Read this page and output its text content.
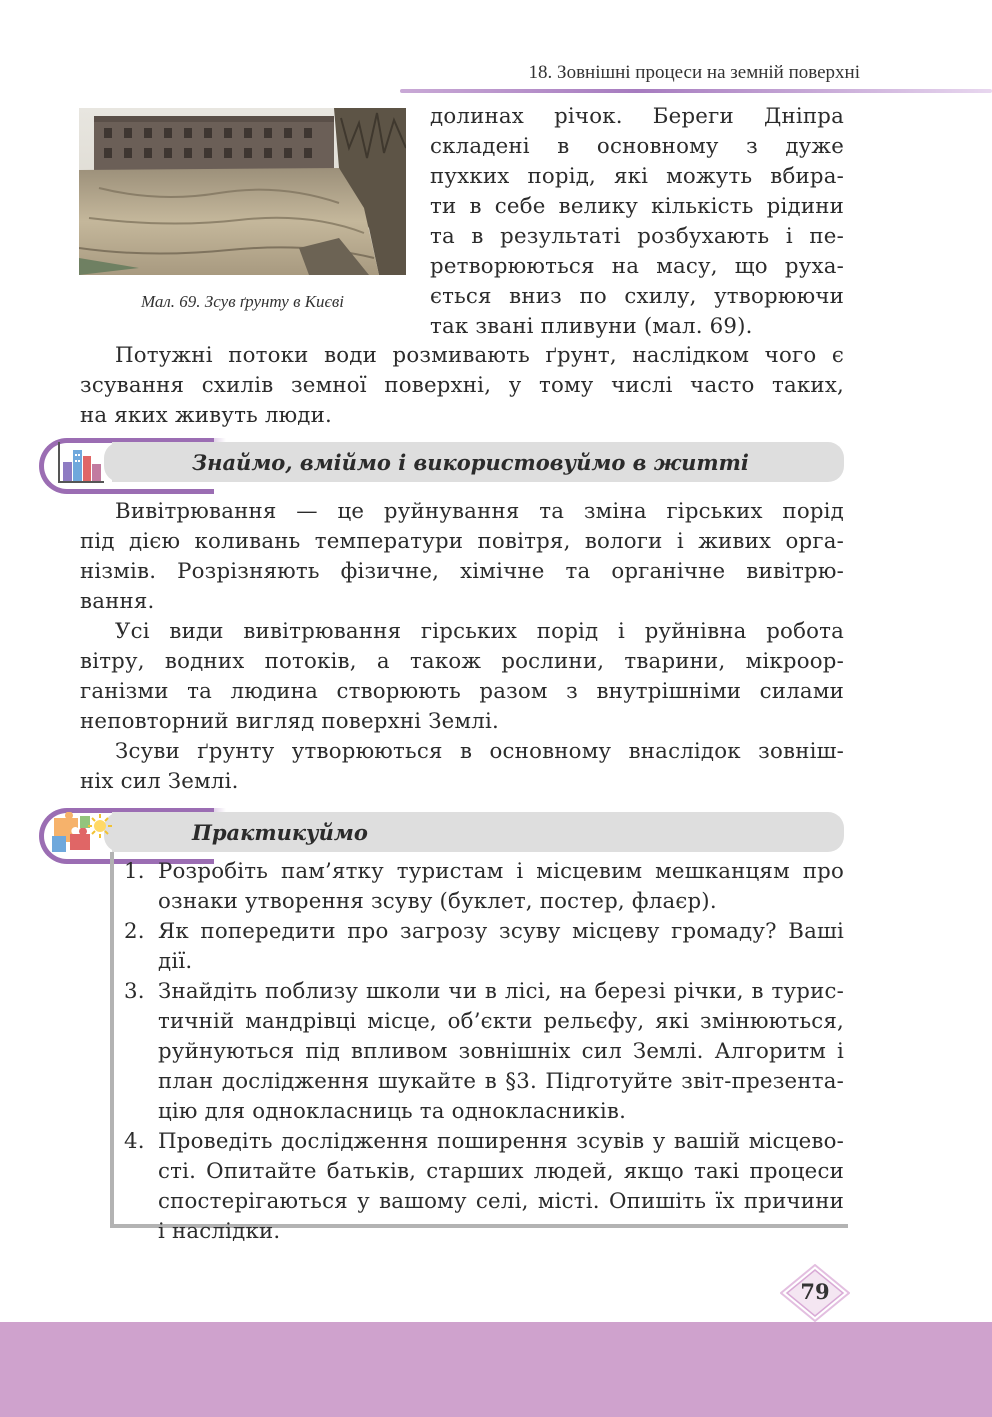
18. Зовнішні процеси на земній поверхні
Мал. 69. Зсув ґрунту в Києві
долинах річок. Береги Дніпра
складені в основному з дуже
пухких порід, які можуть вбира-
ти в себе велику кількість рідини
та в результаті розбухають і пе-
ретворюються на масу, що руха-
ється вниз по схилу, утворюючи
так звані пливуни (мал. 69).
Потужні потоки води розмивають ґрунт, наслідком чого є
зсування схилів земної поверхні, у тому числі часто таких,
на яких живуть люди.
Знаймо, вміймо і використовуймо в житті
Вивітрювання — це руйнування та зміна гірських порід
під дією коливань температури повітря, вологи і живих орга-
нізмів. Розрізняють фізичне, хімічне та органічне вивітрю-
вання.
Усі види вивітрювання гірських порід і руйнівна робота
вітру, водних потоків, а також рослини, тварини, мікроор-
ганізми та людина створюють разом з внутрішніми силами
неповторний вигляд поверхні Землі.
Зсуви ґрунту утворюються в основному внаслідок зовніш-
ніх сил Землі.
Практикуймо
1. Розробіть пам’ятку туристам і місцевим мешканцям про
ознаки утворення зсуву (буклет, постер, флаєр).
2. Як попередити про загрозу зсуву місцеву громаду? Ваші
дії.
3. Знайдіть поблизу школи чи в лісі, на березі річки, в турис-
тичній мандрівці місце, об’єкти рельєфу, які змінюються,
руйнуються під впливом зовнішніх сил Землі. Алгоритм і
план дослідження шукайте в §3. Підготуйте звіт-презента-
цію для однокласниць та однокласників.
4. Проведіть дослідження поширення зсувів у вашій місцево-
сті. Опитайте батьків, старших людей, якщо такі процеси
спостерігаються у вашому селі, місті. Опишіть їх причини
і наслідки.
79
